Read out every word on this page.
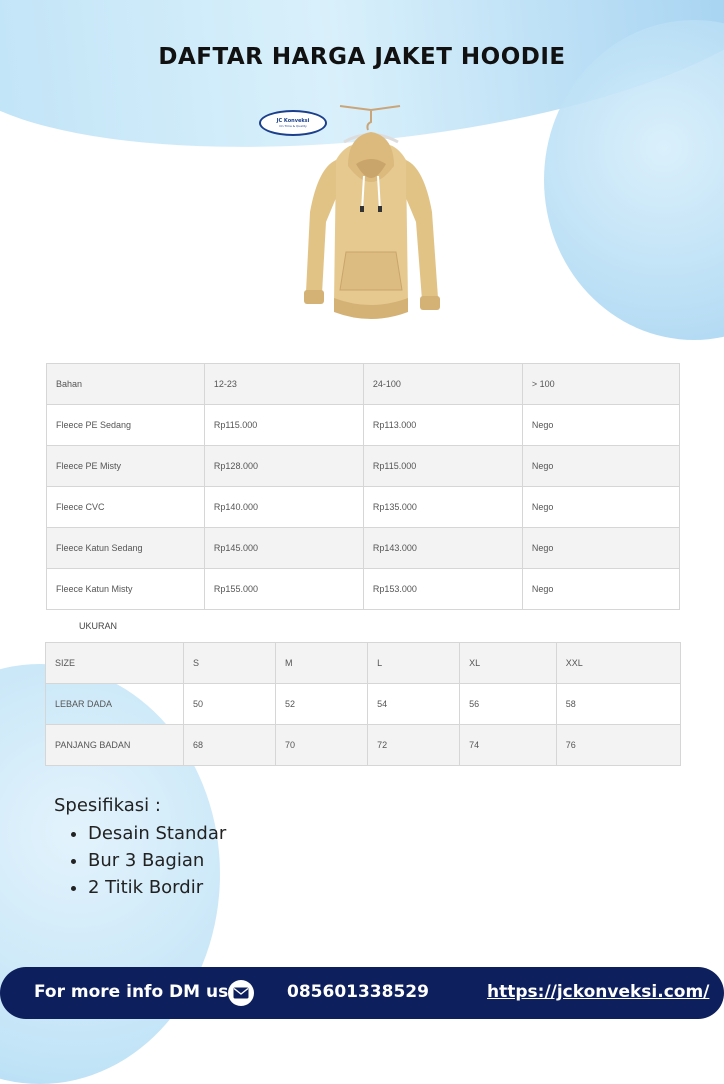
DAFTAR HARGA JAKET HOODIE
JC Konveksi
On Time & Quality
Bahan	12-23	24-100	> 100
Fleece PE Sedang	Rp115.000	Rp113.000	Nego
Fleece PE Misty	Rp128.000	Rp115.000	Nego
Fleece CVC	Rp140.000	Rp135.000	Nego
Fleece Katun Sedang	Rp145.000	Rp143.000	Nego
Fleece Katun Misty	Rp155.000	Rp153.000	Nego
UKURAN
SIZE	S	M	L	XL	XXL
LEBAR DADA	50	52	54	56	58
PANJANG BADAN	68	70	72	74	76
Spesifikasi :
• Desain Standar
• Bur 3 Bagian
• 2 Titik Bordir
For more info DM us	085601338529	https://jckonveksi.com/
